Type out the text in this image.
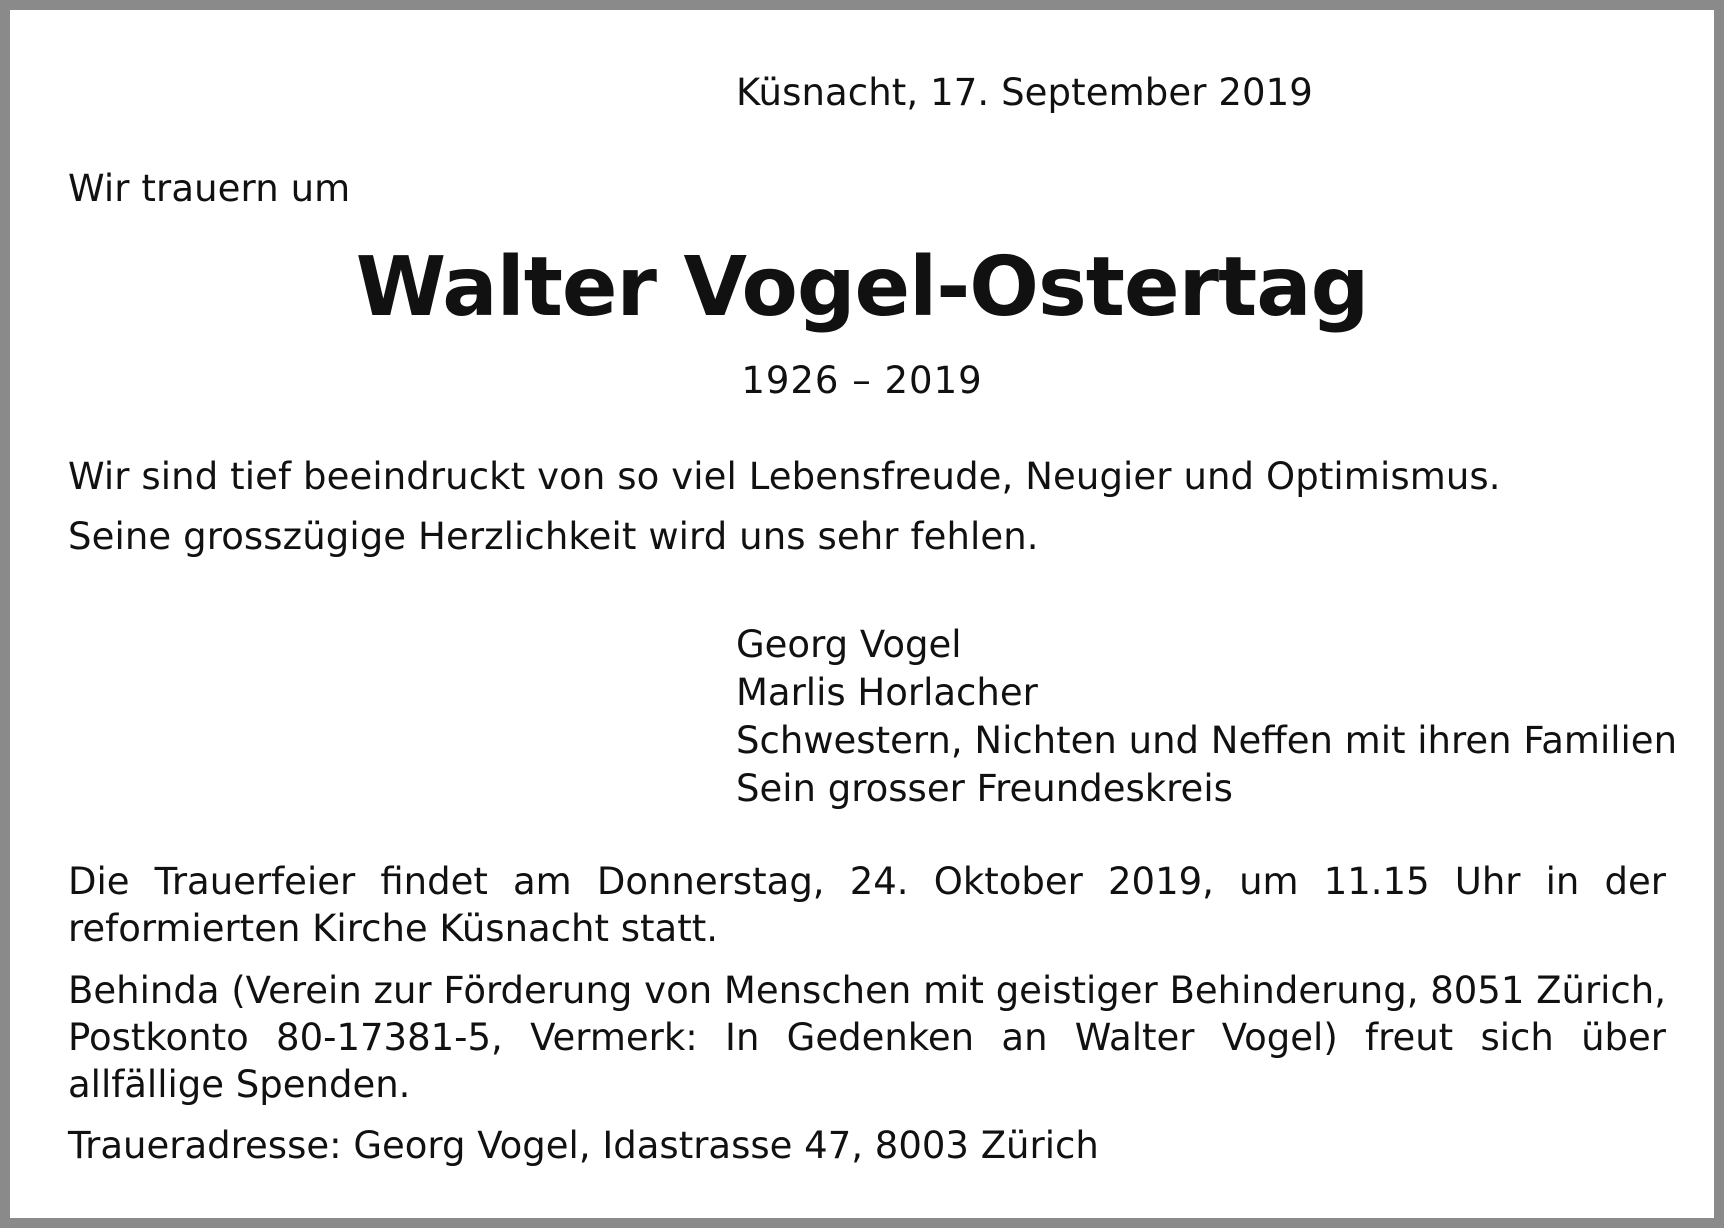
Küsnacht, 17. September 2019

Wir trauern um

Walter Vogel-Ostertag

1926 – 2019

Wir sind tief beeindruckt von so viel Lebensfreude, Neugier und Optimismus.

Seine grosszügige Herzlichkeit wird uns sehr fehlen.

Georg Vogel
Marlis Horlacher
Schwestern, Nichten und Neffen mit ihren Familien
Sein grosser Freundeskreis

Die Trauerfeier findet am Donnerstag, 24. Oktober 2019, um 11.15 Uhr in der reformierten Kirche Küsnacht statt.

Behinda (Verein zur Förderung von Menschen mit geistiger Behinderung, 8051 Zürich, Postkonto 80-17381-5, Vermerk: In Gedenken an Walter Vogel) freut sich über allfällige Spenden.

Traueradresse: Georg Vogel, Idastrasse 47, 8003 Zürich
